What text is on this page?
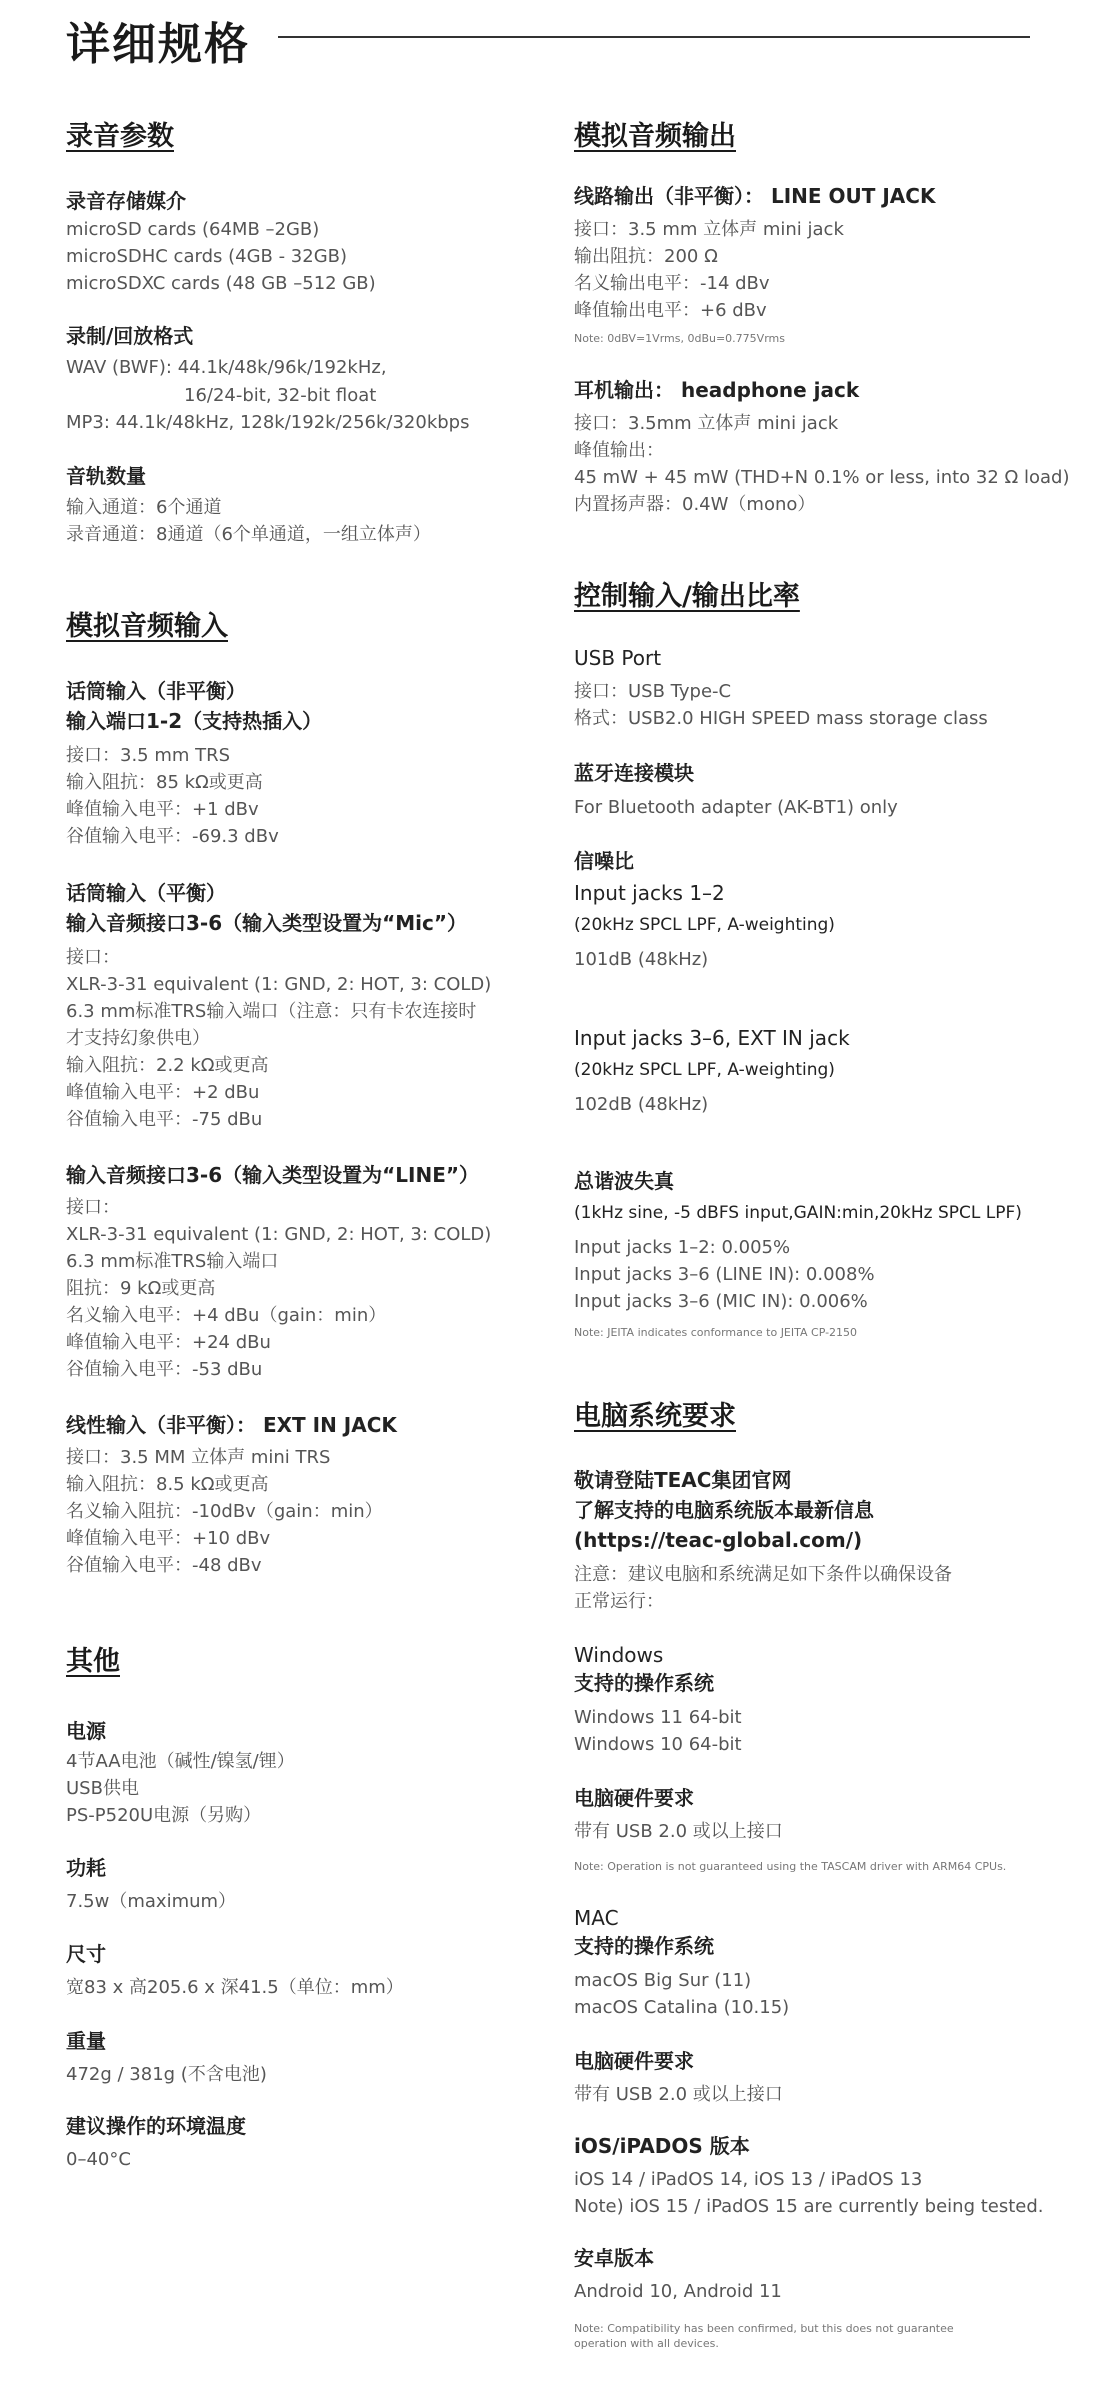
详细规格
录音参数
录音存储媒介
microSD cards (64MB –2GB)
microSDHC cards (4GB - 32GB)
microSDXC cards (48 GB –512 GB)
录制/回放格式
WAV (BWF): 44.1k/48k/96k/192kHz,
16/24-bit, 32-bit float
MP3: 44.1k/48kHz, 128k/192k/256k/320kbps
音轨数量
输入通道：6个通道
录音通道：8通道（6个单通道，一组立体声）
模拟音频输入
话筒输入（非平衡）
输入端口1-2（支持热插入）
接口：3.5 mm TRS
输入阻抗：85 kΩ或更高
峰值输入电平：+1 dBv
谷值输入电平：-69.3 dBv
话筒输入（平衡）
输入音频接口3-6（输入类型设置为“Mic”）
接口：
XLR-3-31 equivalent (1: GND, 2: HOT, 3: COLD)
6.3 mm标准TRS输入端口（注意：只有卡农连接时
才支持幻象供电）
输入阻抗：2.2 kΩ或更高
峰值输入电平：+2 dBu
谷值输入电平：-75 dBu
输入音频接口3-6（输入类型设置为“LINE”）
接口：
XLR-3-31 equivalent (1: GND, 2: HOT, 3: COLD)
6.3 mm标准TRS输入端口
阻抗：9 kΩ或更高
名义输入电平：+4 dBu（gain：min）
峰值输入电平：+24 dBu
谷值输入电平：-53 dBu
线性输入（非平衡）： EXT IN JACK
接口：3.5 MM 立体声 mini TRS
输入阻抗：8.5 kΩ或更高
名义输入阻抗：-10dBv（gain：min）
峰值输入电平：+10 dBv
谷值输入电平：-48 dBv
其他
电源
4节AA电池（碱性/镍氢/锂）
USB供电
PS-P520U电源（另购）
功耗
7.5w（maximum）
尺寸
宽83 x 高205.6 x 深41.5（单位：mm）
重量
472g / 381g (不含电池)
建议操作的环境温度
0–40°C
模拟音频输出
线路输出（非平衡）： LINE OUT JACK
接口：3.5 mm 立体声 mini jack
输出阻抗：200 Ω
名义输出电平：-14 dBv
峰值输出电平：+6 dBv
Note: 0dBV=1Vrms, 0dBu=0.775Vrms
耳机输出： headphone jack
接口：3.5mm 立体声 mini jack
峰值输出：
45 mW + 45 mW (THD+N 0.1% or less, into 32 Ω load)
内置扬声器：0.4W（mono）
控制输入/输出比率
USB Port
接口：USB Type-C
格式：USB2.0 HIGH SPEED mass storage class
蓝牙连接模块
For Bluetooth adapter (AK-BT1) only
信噪比
Input jacks 1–2
(20kHz SPCL LPF, A-weighting)
101dB (48kHz)
Input jacks 3–6, EXT IN jack
(20kHz SPCL LPF, A-weighting)
102dB (48kHz)
总谐波失真
(1kHz sine, -5 dBFS input,GAIN:min,20kHz SPCL LPF)
Input jacks 1–2: 0.005%
Input jacks 3–6 (LINE IN): 0.008%
Input jacks 3–6 (MIC IN): 0.006%
Note: JEITA indicates conformance to JEITA CP-2150
电脑系统要求
敬请登陆TEAC集团官网
了解支持的电脑系统版本最新信息
(https://teac-global.com/)
注意：建议电脑和系统满足如下条件以确保设备
正常运行：
Windows
支持的操作系统
Windows 11 64-bit
Windows 10 64-bit
电脑硬件要求
带有 USB 2.0 或以上接口
Note: Operation is not guaranteed using the TASCAM driver with ARM64 CPUs.
MAC
支持的操作系统
macOS Big Sur (11)
macOS Catalina (10.15)
电脑硬件要求
带有 USB 2.0 或以上接口
iOS/iPADOS 版本
iOS 14 / iPadOS 14, iOS 13 / iPadOS 13
Note) iOS 15 / iPadOS 15 are currently being tested.
安卓版本
Android 10, Android 11
Note: Compatibility has been confirmed, but this does not guarantee
operation with all devices.
